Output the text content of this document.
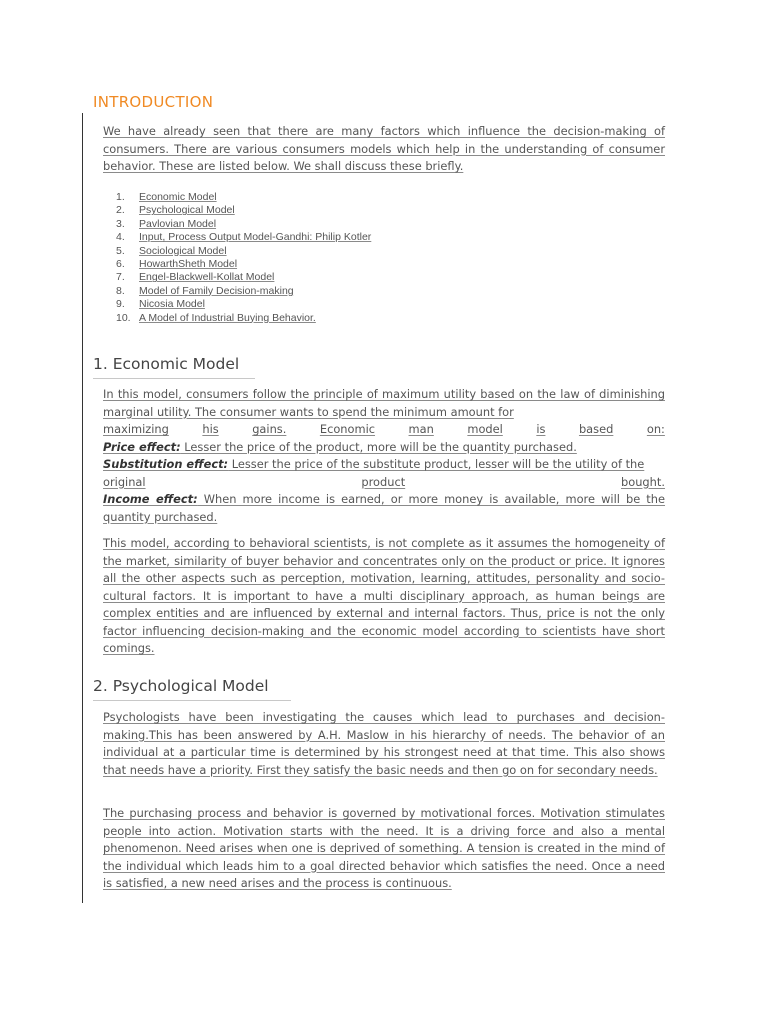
INTRODUCTION

We have already seen that there are many factors which influence the decision-making of consumers. There are various consumers models which help in the understanding of consumer behavior. These are listed below. We shall discuss these briefly.

1. Economic Model
2. Psychological Model
3. Pavlovian Model
4. Input, Process Output Model-Gandhi: Philip Kotler
5. Sociological Model
6. HowarthSheth Model
7. Engel-Blackwell-Kollat Model
8. Model of Family Decision-making
9. Nicosia Model
10. A Model of Industrial Buying Behavior.
1. Economic Model
In this model, consumers follow the principle of maximum utility based on the law of diminishing marginal utility. The consumer wants to spend the minimum amount for
maximizing	his	gains.	Economic	man	model	is	based	on:
Price effect: Lesser the price of the product, more will be the quantity purchased.
Substitution effect: Lesser the price of the substitute product, lesser will be the utility of the
original	product	bought.
Income effect: When more income is earned, or more money is available, more will be the quantity purchased.

This model, according to behavioral scientists, is not complete as it assumes the homogeneity of the market, similarity of buyer behavior and concentrates only on the product or price. It ignores all the other aspects such as perception, motivation, learning, attitudes, personality and socio-cultural factors. It is important to have a multi disciplinary approach, as human beings are complex entities and are influenced by external and internal factors. Thus, price is not the only factor influencing decision-making and the economic model according to scientists have short comings.

2. Psychological Model

Psychologists have been investigating the causes which lead to purchases and decision-making.This has been answered by A.H. Maslow in his hierarchy of needs. The behavior of an individual at a particular time is determined by his strongest need at that time. This also shows that needs have a priority. First they satisfy the basic needs and then go on for secondary needs.

The purchasing process and behavior is governed by motivational forces. Motivation stimulates people into action. Motivation starts with the need. It is a driving force and also a mental phenomenon. Need arises when one is deprived of something. A tension is created in the mind of the individual which leads him to a goal directed behavior which satisfies the need. Once a need is satisfied, a new need arises and the process is continuous.
